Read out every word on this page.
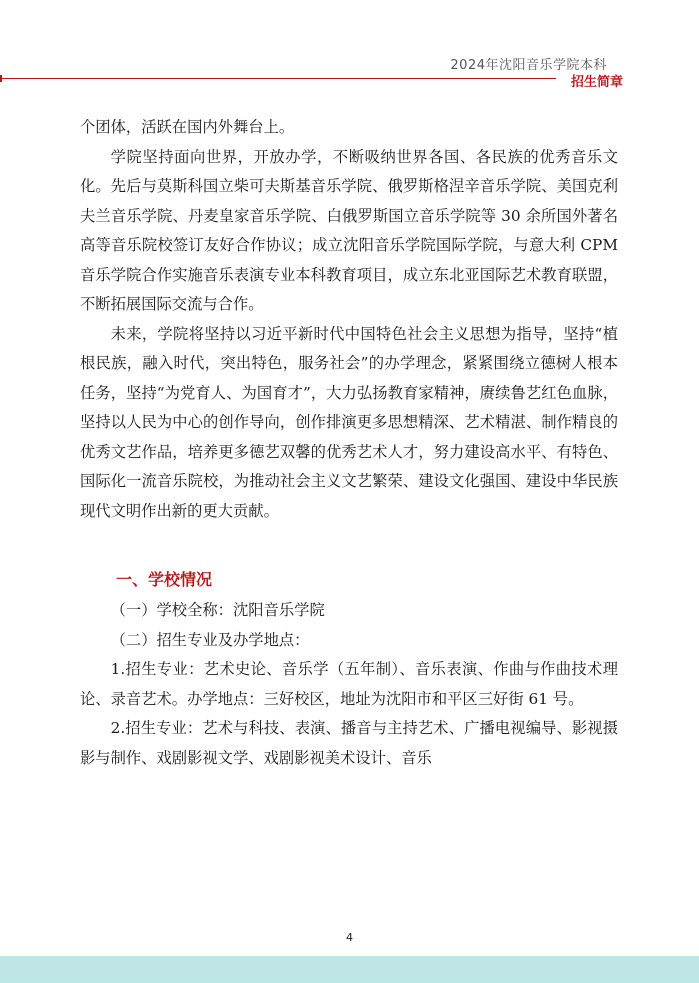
2024年沈阳音乐学院本科
招生简章

个团体，活跃在国内外舞台上。

学院坚持面向世界，开放办学，不断吸纳世界各国、各民族的优秀音乐文化。先后与莫斯科国立柴可夫斯基音乐学院、俄罗斯格涅辛音乐学院、美国克利夫兰音乐学院、丹麦皇家音乐学院、白俄罗斯国立音乐学院等 30 余所国外著名高等音乐院校签订友好合作协议；成立沈阳音乐学院国际学院，与意大利 CPM 音乐学院合作实施音乐表演专业本科教育项目，成立东北亚国际艺术教育联盟，不断拓展国际交流与合作。

未来，学院将坚持以习近平新时代中国特色社会主义思想为指导，坚持“植根民族，融入时代，突出特色，服务社会”的办学理念，紧紧围绕立德树人根本任务，坚持“为党育人、为国育才”，大力弘扬教育家精神，赓续鲁艺红色血脉，坚持以人民为中心的创作导向，创作排演更多思想精深、艺术精湛、制作精良的优秀文艺作品，培养更多德艺双馨的优秀艺术人才，努力建设高水平、有特色、国际化一流音乐院校，为推动社会主义文艺繁荣、建设文化强国、建设中华民族现代文明作出新的更大贡献。

一、学校情况

（一）学校全称：沈阳音乐学院

（二）招生专业及办学地点：

1.招生专业：艺术史论、音乐学（五年制）、音乐表演、作曲与作曲技术理论、录音艺术。办学地点：三好校区，地址为沈阳市和平区三好街 61 号。

2.招生专业：艺术与科技、表演、播音与主持艺术、广播电视编导、影视摄影与制作、戏剧影视文学、戏剧影视美术设计、音乐

4
